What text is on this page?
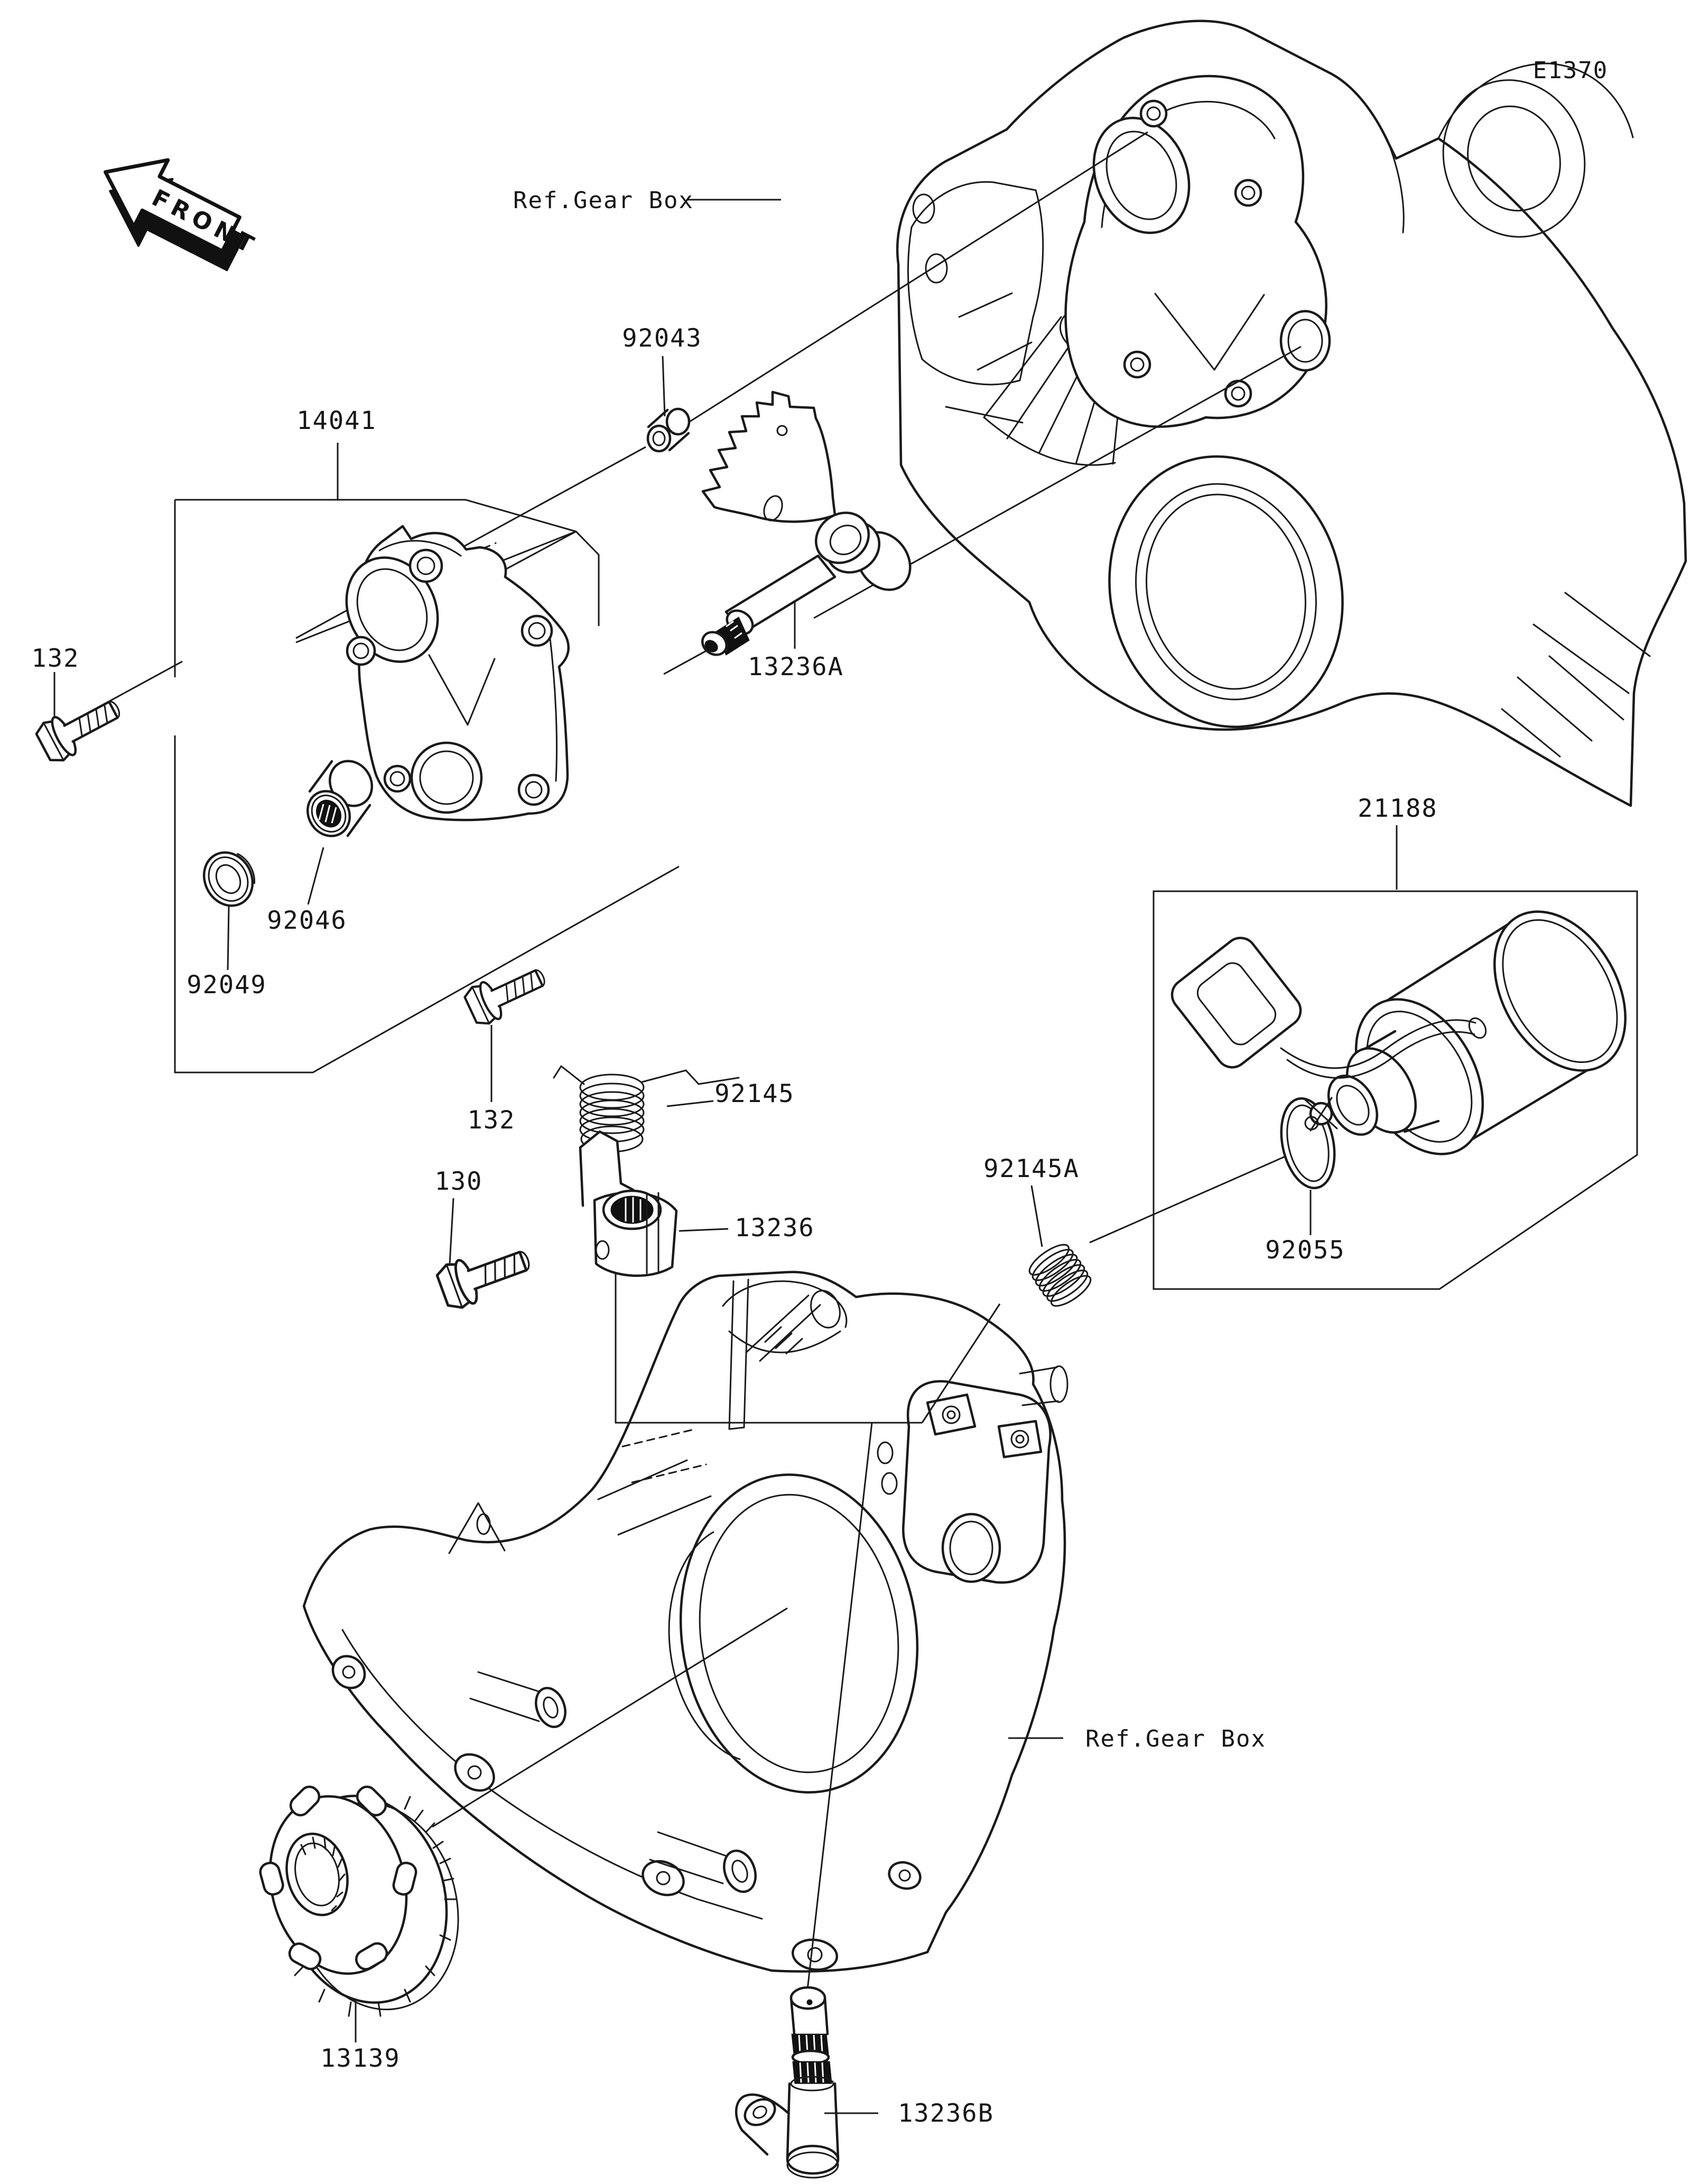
FRONT
E1370
Ref.Gear Box
Ref.Gear Box
92043
14041
13236A
132
92046
92049
132
92145
130
13236
92145A
92055
21188
13139
13236B
